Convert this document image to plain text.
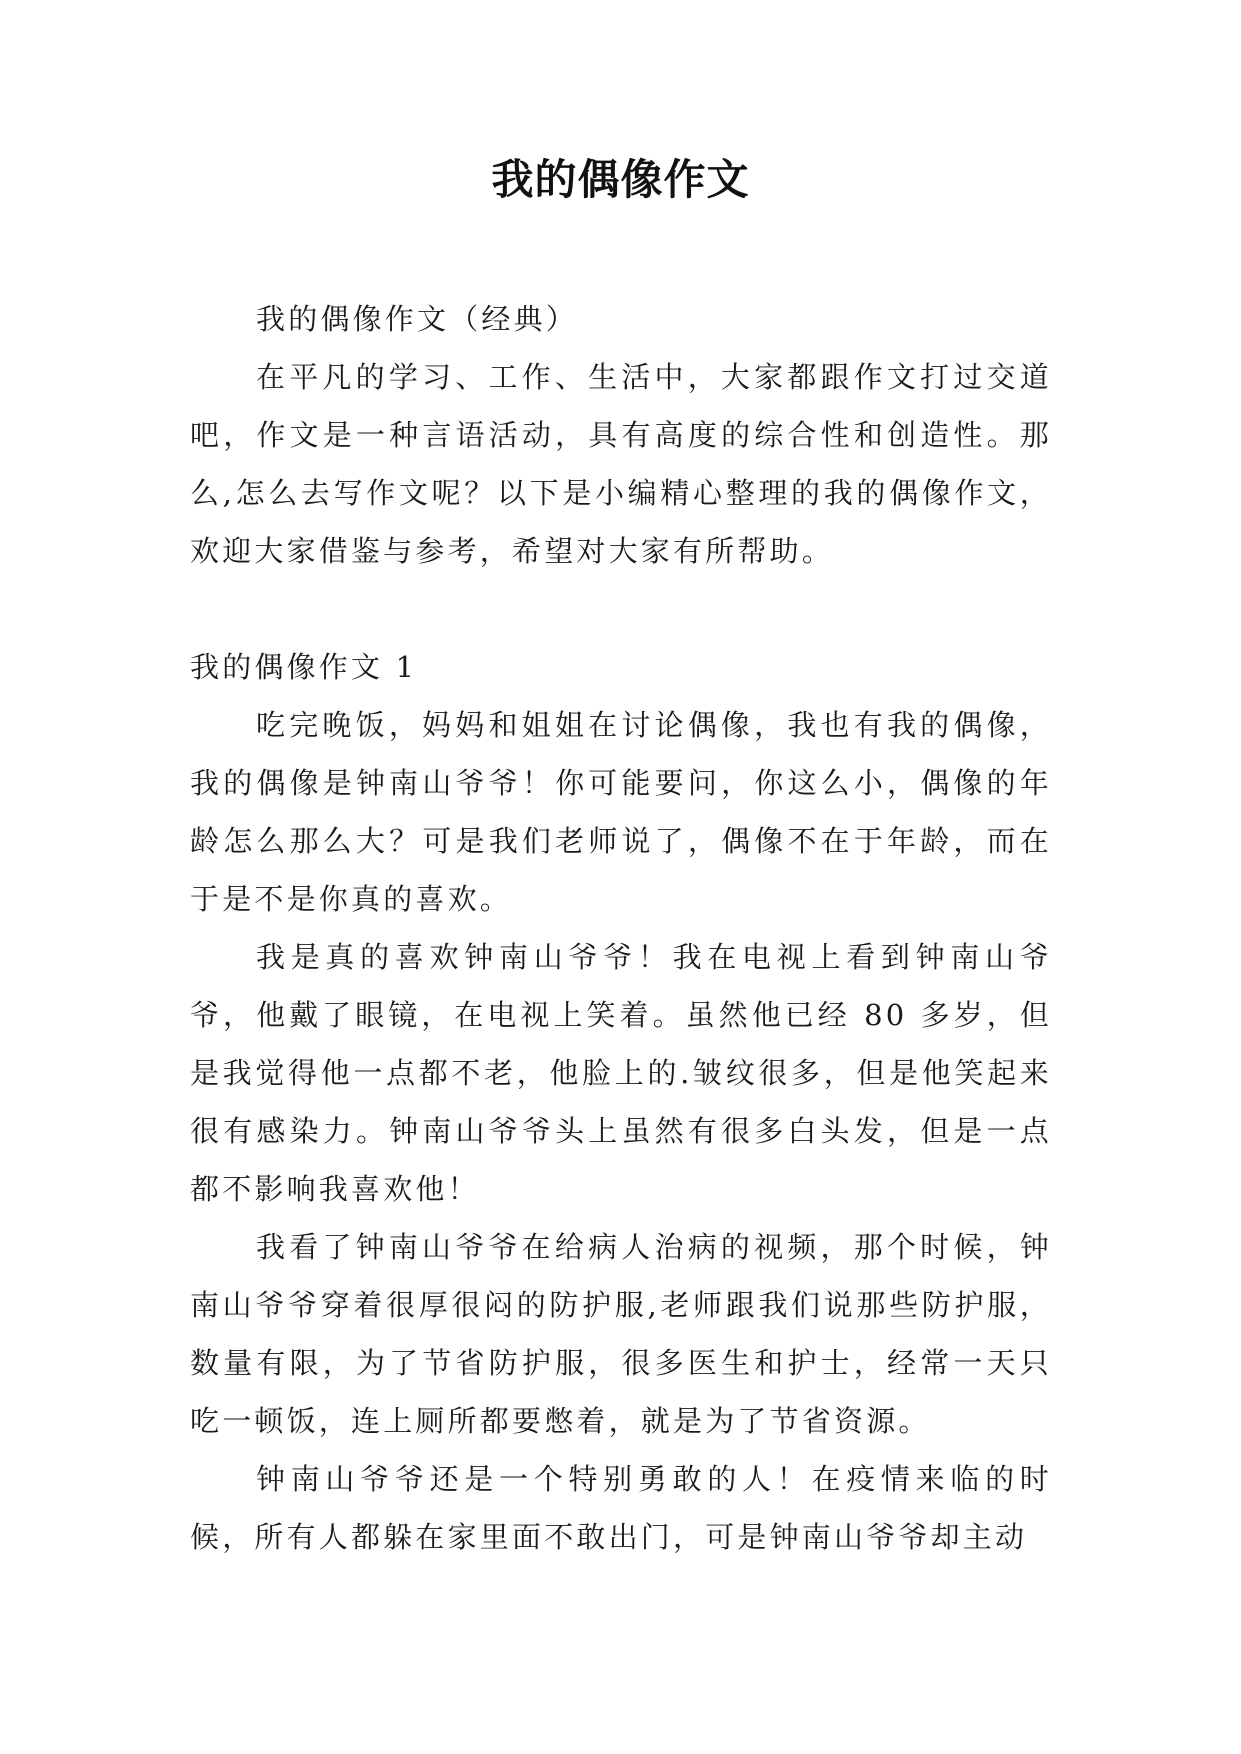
我的偶像作文

我的偶像作文（经典）

在平凡的学习、工作、生活中，大家都跟作文打过交道吧，作文是一种言语活动，具有高度的综合性和创造性。那么,怎么去写作文呢？以下是小编精心整理的我的偶像作文，欢迎大家借鉴与参考，希望对大家有所帮助。

我的偶像作文 1

吃完晚饭，妈妈和姐姐在讨论偶像，我也有我的偶像，我的偶像是钟南山爷爷！你可能要问，你这么小，偶像的年龄怎么那么大？可是我们老师说了，偶像不在于年龄，而在于是不是你真的喜欢。

我是真的喜欢钟南山爷爷！我在电视上看到钟南山爷爷，他戴了眼镜，在电视上笑着。虽然他已经 80 多岁，但是我觉得他一点都不老，他脸上的.皱纹很多，但是他笑起来很有感染力。钟南山爷爷头上虽然有很多白头发，但是一点都不影响我喜欢他！

我看了钟南山爷爷在给病人治病的视频，那个时候，钟南山爷爷穿着很厚很闷的防护服,老师跟我们说那些防护服，数量有限，为了节省防护服，很多医生和护士，经常一天只吃一顿饭，连上厕所都要憋着，就是为了节省资源。

钟南山爷爷还是一个特别勇敢的人！在疫情来临的时候，所有人都躲在家里面不敢出门，可是钟南山爷爷却主动
